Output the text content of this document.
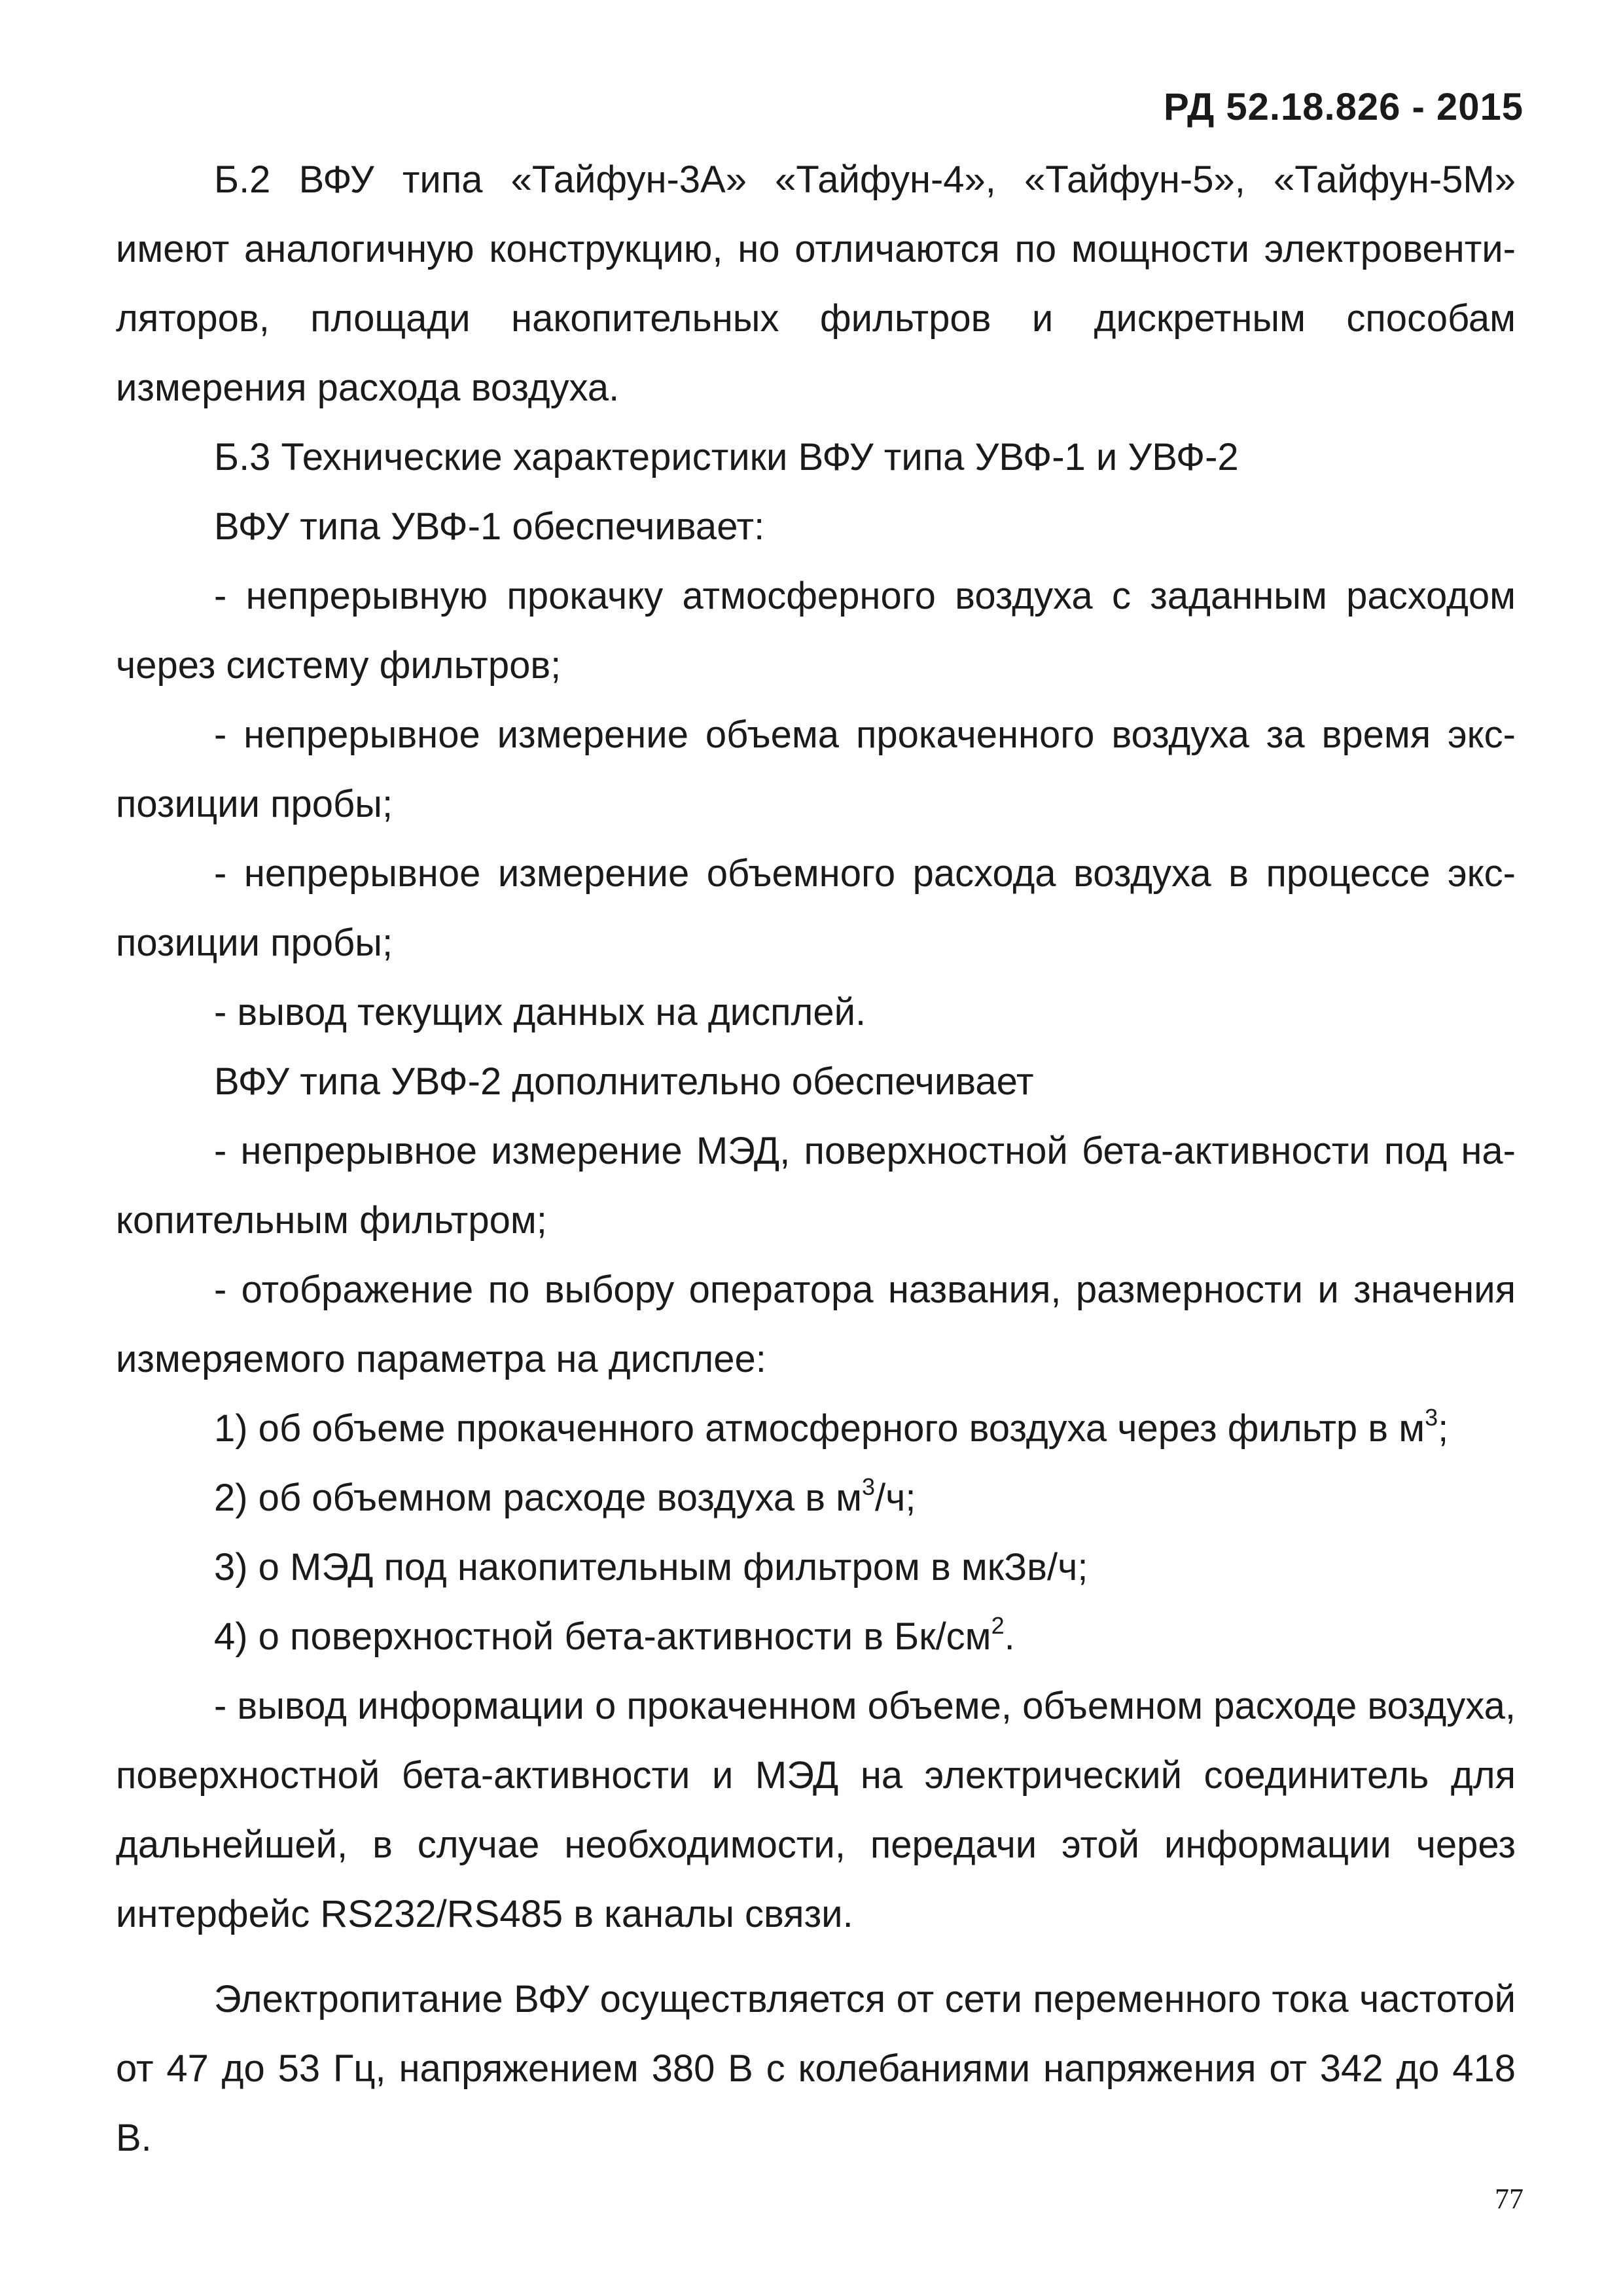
РД 52.18.826 - 2015

Б.2 ВФУ типа «Тайфун-3А» «Тайфун-4», «Тайфун-5», «Тайфун-5М» имеют аналогичную конструкцию, но отличаются по мощности электровентиляторов, площади накопительных фильтров и дискретным способам измерения расхода воздуха.

Б.3 Технические характеристики ВФУ типа УВФ-1 и УВФ-2

ВФУ типа УВФ-1 обеспечивает:

- непрерывную прокачку атмосферного воздуха с заданным расходом через систему фильтров;

- непрерывное измерение объема прокаченного воздуха за время экспозиции пробы;

- непрерывное измерение объемного расхода воздуха в процессе экспозиции пробы;

- вывод текущих данных на дисплей.

ВФУ типа УВФ-2 дополнительно обеспечивает

- непрерывное измерение МЭД, поверхностной бета-активности под накопительным фильтром;

- отображение по выбору оператора названия, размерности и значения измеряемого параметра на дисплее:

1) об объеме прокаченного атмосферного воздуха через фильтр в $м^3$;

2) об объемном расходе воздуха в $м^3/ч$;

3) о МЭД под накопительным фильтром в мкЗв/ч;

4) о поверхностной бета-активности в $Бк/см^2$.

- вывод информации о прокаченном объеме, объемном расходе воздуха, поверхностной бета-активности и МЭД на электрический соединитель для дальнейшей, в случае необходимости, передачи этой информации через интерфейс RS232/RS485 в каналы связи.

Электропитание ВФУ осуществляется от сети переменного тока частотой от 47 до 53 Гц, напряжением 380 В с колебаниями напряжения от 342 до 418 В.

77
